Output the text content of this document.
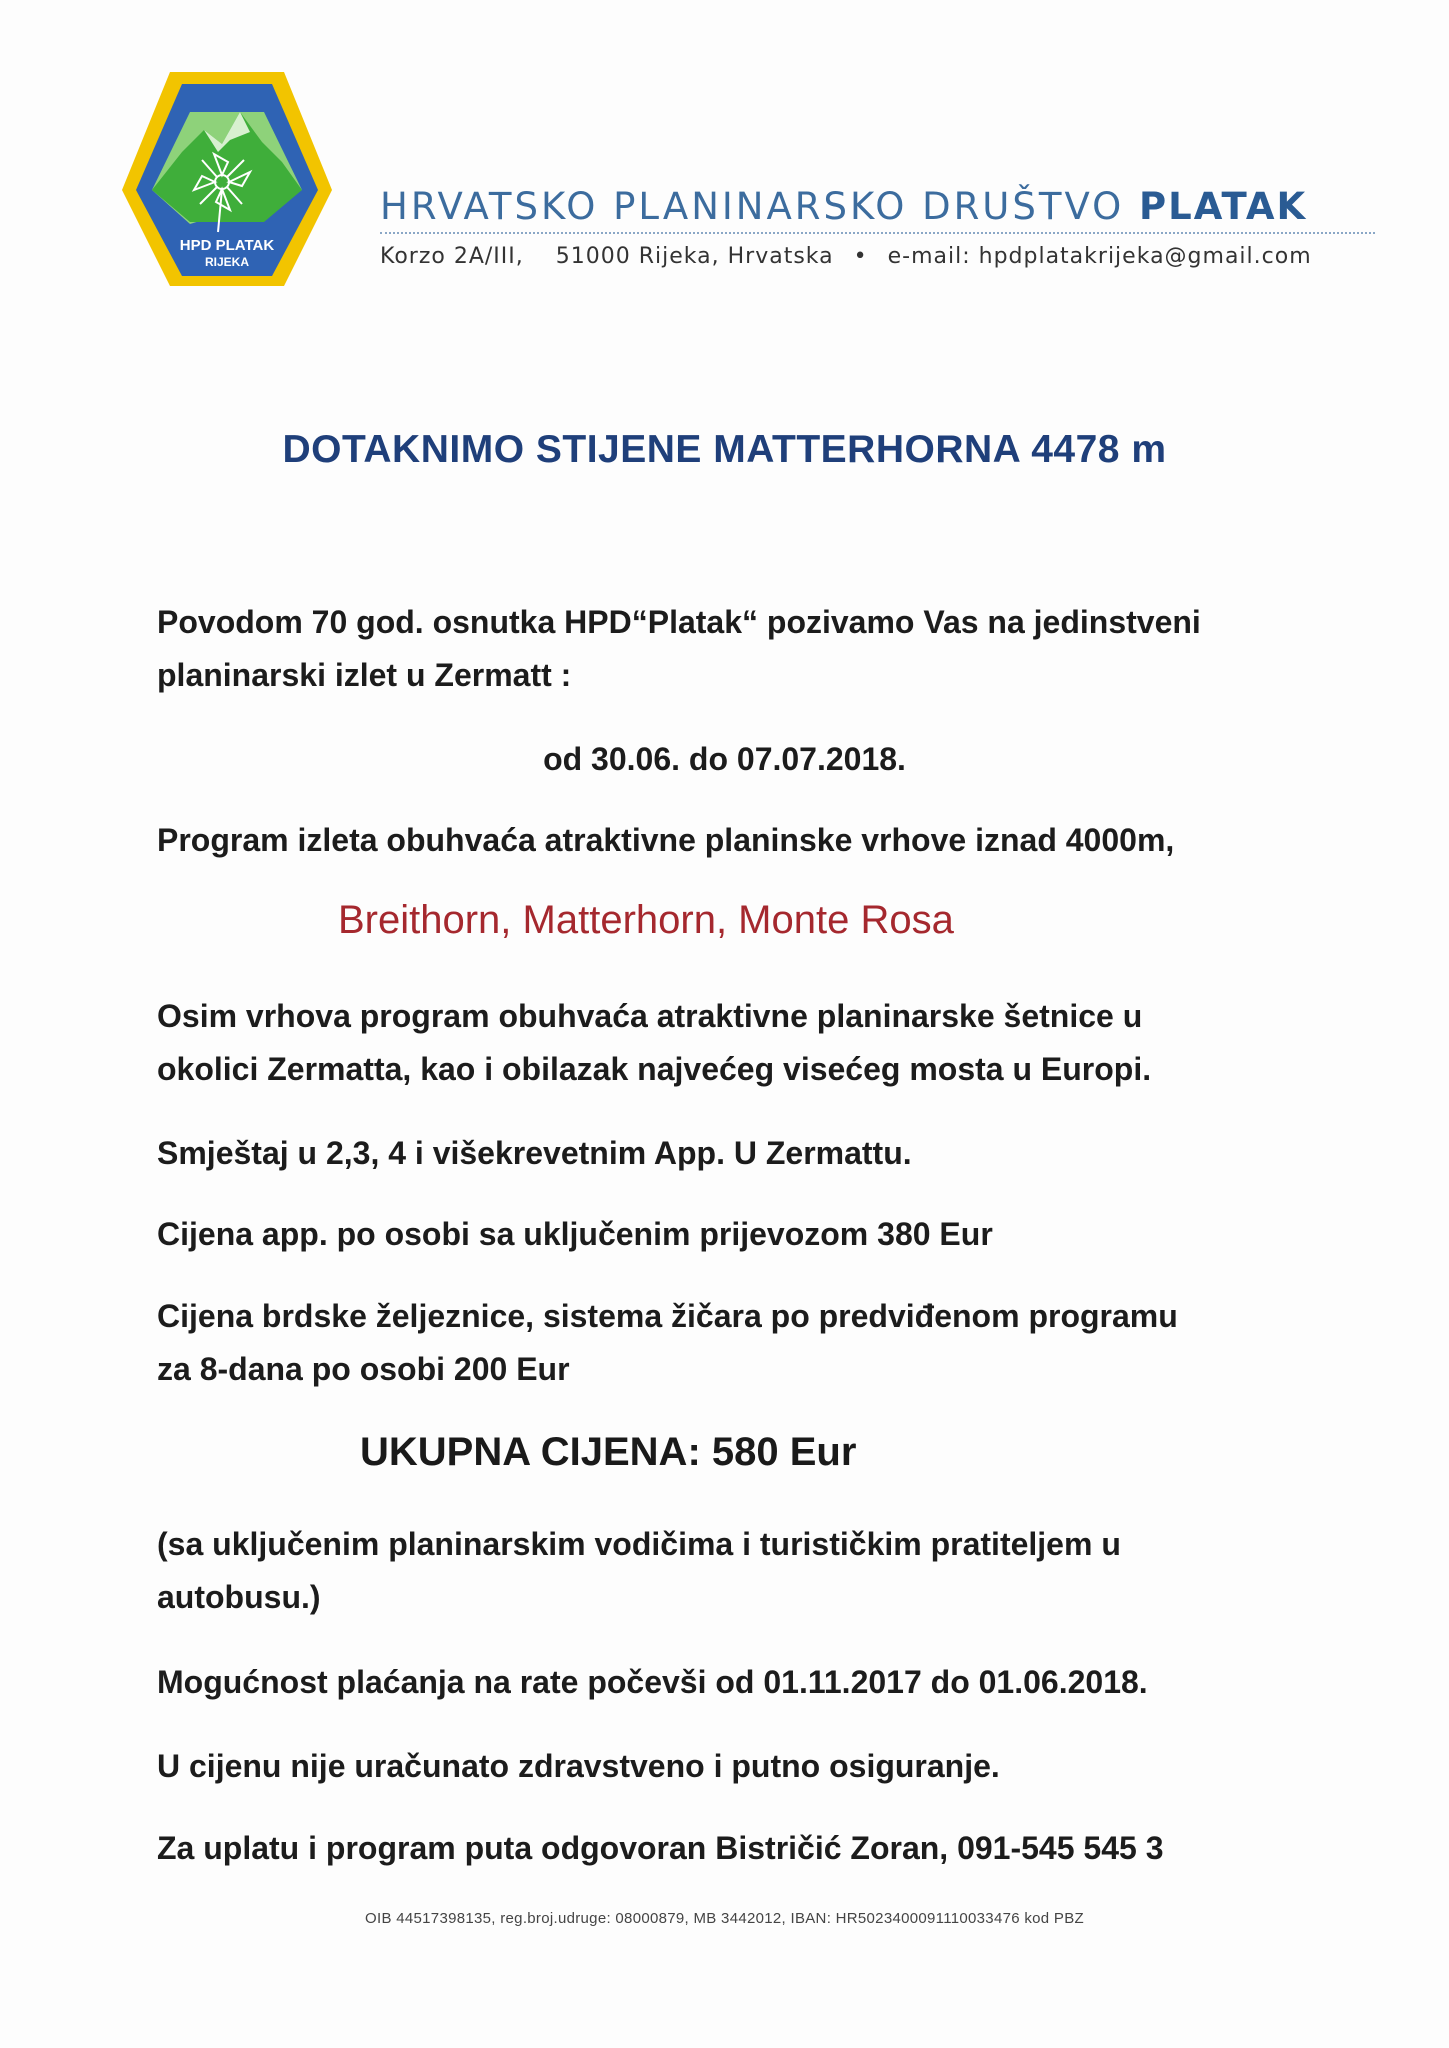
HPD PLATAK
RIJEKA
HRVATSKO PLANINARSKO DRUŠTVO PLATAK
Korzo 2A/III, 51000 Rijeka, Hrvatska • e-mail: hpdplatakrijeka@gmail.com
DOTAKNIMO STIJENE MATTERHORNA 4478 m
Povodom 70 god. osnutka HPD“Platak“ pozivamo Vas na jedinstveni
planinarski izlet u Zermatt :
od 30.06. do 07.07.2018.
Program izleta obuhvaća atraktivne planinske vrhove iznad 4000m,
Breithorn, Matterhorn, Monte Rosa
Osim vrhova program obuhvaća atraktivne planinarske šetnice u
okolici Zermatta, kao i obilazak najvećeg visećeg mosta u Europi.
Smještaj u 2,3, 4 i višekrevetnim App. U Zermattu.
Cijena app. po osobi sa uključenim prijevozom 380 Eur
Cijena brdske željeznice, sistema žičara po predviđenom programu
za 8-dana po osobi 200 Eur
UKUPNA CIJENA: 580 Eur
(sa uključenim planinarskim vodičima i turističkim pratiteljem u
autobusu.)
Mogućnost plaćanja na rate počevši od 01.11.2017 do 01.06.2018.
U cijenu nije uračunato zdravstveno i putno osiguranje.
Za uplatu i program puta odgovoran Bistričić Zoran, 091-545 545 3
OIB 44517398135, reg.broj.udruge: 08000879, MB 3442012, IBAN: HR5023400091110033476 kod PBZ
